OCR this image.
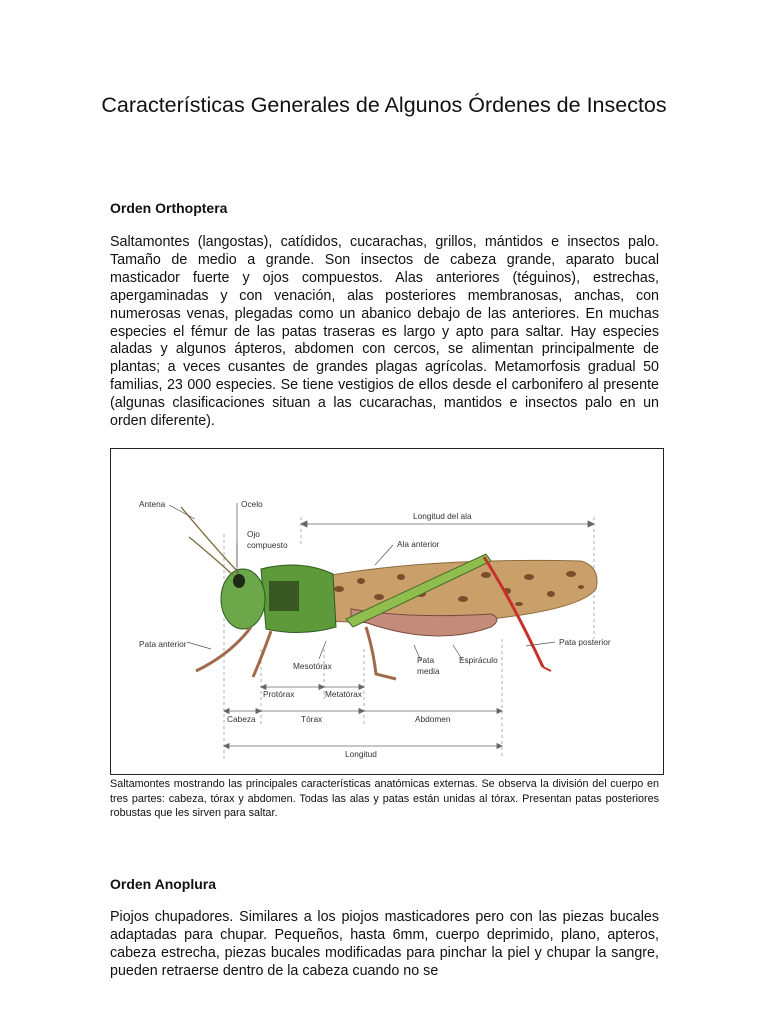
Características Generales de Algunos Órdenes de Insectos
Orden Orthoptera
Saltamontes (langostas), catídidos, cucarachas, grillos, mántidos e insectos palo. Tamaño de medio a grande. Son insectos de cabeza grande, aparato bucal masticador fuerte y ojos compuestos. Alas anteriores (téguinos), estrechas, apergaminadas y con venación, alas posteriores membranosas, anchas, con numerosas venas, plegadas como un abanico debajo de las anteriores. En muchas especies el fémur de las patas traseras es largo y apto para saltar. Hay especies aladas y algunos ápteros, abdomen con cercos, se alimentan principalmente de plantas; a veces cusantes de grandes plagas agrícolas. Metamorfosis gradual 50 familias, 23 000 especies. Se tiene vestigios de ellos desde el carbonifero al presente (algunas clasificaciones situan a las cucarachas, mantidos e insectos palo en un orden diferente).
Antena	Ocelo
Ojo
compuesto
Longitud del ala
Ala anterior
Pata anterior	Pata posterior
Mesotórax
Pata
media
Espiráculo
Protórax	Metatórax
Cabeza	Tórax	Abdomen
Longitud
Saltamontes mostrando las principales características anatómicas externas. Se observa la división del cuerpo en tres partes: cabeza, tórax y abdomen. Todas las alas y patas están unidas al tórax. Presentan patas posteriores robustas que les sirven para saltar.
Orden Anoplura
Piojos chupadores. Similares a los piojos masticadores pero con las piezas bucales adaptadas para chupar. Pequeños, hasta 6mm, cuerpo deprimido, plano, apteros, cabeza estrecha, piezas bucales modificadas para pinchar la piel y chupar la sangre, pueden retraerse dentro de la cabeza cuando no se
